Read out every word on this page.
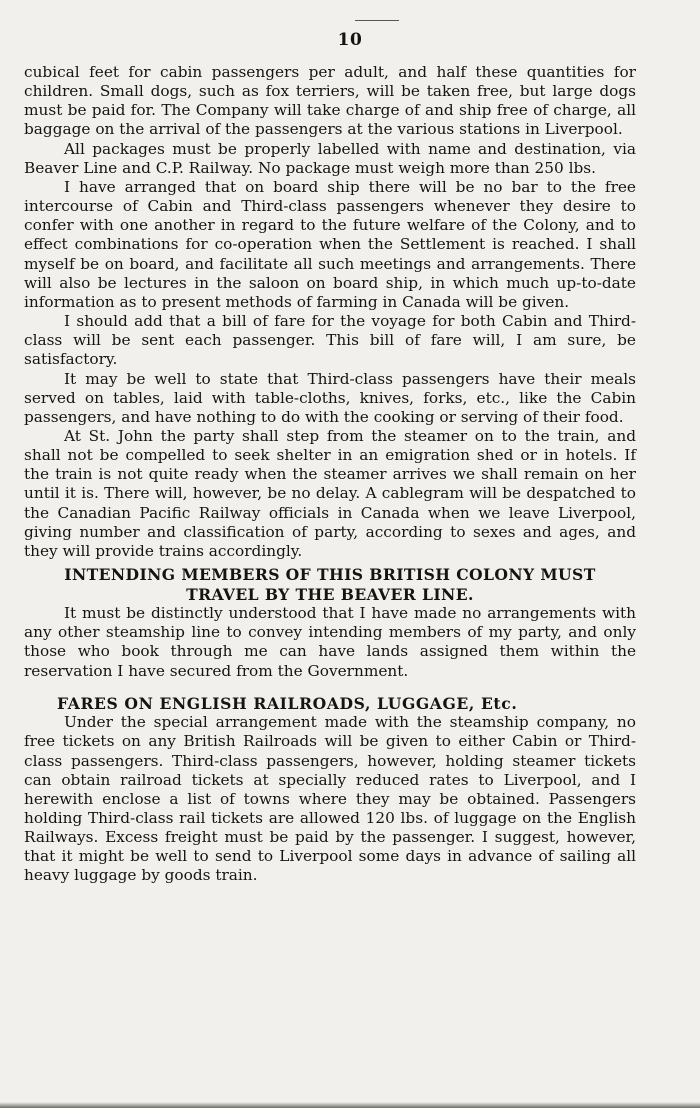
10

cubical feet for cabin passengers per adult, and half these quantities for children. Small dogs, such as fox terriers, will be taken free, but large dogs must be paid for. The Company will take charge of and ship free of charge, all baggage on the arrival of the passengers at the various stations in Liverpool.

All packages must be properly labelled with name and destination, via Beaver Line and C.P. Railway. No package must weigh more than 250 lbs.

I have arranged that on board ship there will be no bar to the free intercourse of Cabin and Third-class passengers whenever they desire to confer with one another in regard to the future welfare of the Colony, and to effect combinations for co-operation when the Settlement is reached. I shall myself be on board, and facilitate all such meetings and arrangements. There will also be lectures in the saloon on board ship, in which much up-to-date information as to present methods of farming in Canada will be given.

I should add that a bill of fare for the voyage for both Cabin and Third-class will be sent each passenger. This bill of fare will, I am sure, be satisfactory.

It may be well to state that Third-class passengers have their meals served on tables, laid with table-cloths, knives, forks, etc., like the Cabin passengers, and have nothing to do with the cooking or serving of their food.

At St. John the party shall step from the steamer on to the train, and shall not be compelled to seek shelter in an emigration shed or in hotels. If the train is not quite ready when the steamer arrives we shall remain on her until it is. There will, however, be no delay. A cablegram will be despatched to the Canadian Pacific Railway officials in Canada when we leave Liverpool, giving number and classification of party, according to sexes and ages, and they will provide trains accordingly.

INTENDING MEMBERS OF THIS BRITISH COLONY MUST
TRAVEL BY THE BEAVER LINE.

It must be distinctly understood that I have made no arrangements with any other steamship line to convey intending members of my party, and only those who book through me can have lands assigned them within the reservation I have secured from the Government.

FARES ON ENGLISH RAILROADS, LUGGAGE, Etc.

Under the special arrangement made with the steamship company, no free tickets on any British Railroads will be given to either Cabin or Third-class passengers. Third-class passengers, however, holding steamer tickets can obtain railroad tickets at specially reduced rates to Liverpool, and I herewith enclose a list of towns where they may be obtained. Passengers holding Third-class rail tickets are allowed 120 lbs. of luggage on the English Railways. Excess freight must be paid by the passenger. I suggest, however, that it might be well to send to Liverpool some days in advance of sailing all heavy luggage by goods train.
